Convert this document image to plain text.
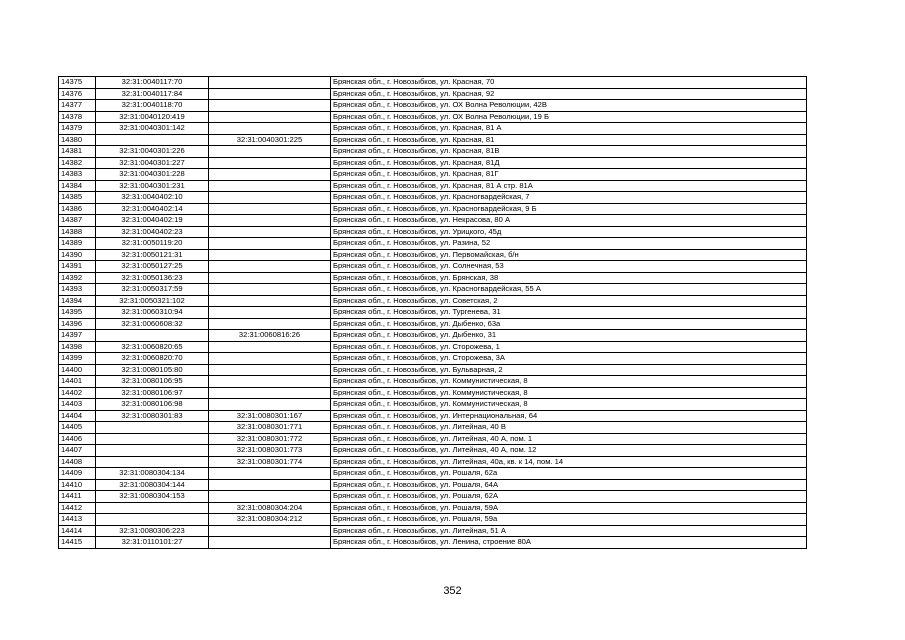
14375	32:31:0040117:70		Брянская обл., г. Новозыбков, ул. Красная, 70
14376	32:31:0040117:84		Брянская обл., г. Новозыбков, ул. Красная, 92
14377	32:31:0040118:70		Брянская обл., г. Новозыбков, ул. ОХ Волна Революции, 42В
14378	32:31:0040120:419		Брянская обл., г. Новозыбков, ул. ОХ Волна Революции, 19 Б
14379	32:31:0040301:142		Брянская обл., г. Новозыбков, ул. Красная, 81 А
14380		32:31:0040301:225	Брянская обл., г. Новозыбков, ул. Красная, 81
14381	32:31:0040301:226		Брянская обл., г. Новозыбков, ул. Красная, 81В
14382	32:31:0040301:227		Брянская обл., г. Новозыбков, ул. Красная, 81Д
14383	32:31:0040301:228		Брянская обл., г. Новозыбков, ул. Красная, 81Г
14384	32:31:0040301:231		Брянская обл., г. Новозыбков, ул. Красная, 81 А стр. 81А
14385	32:31:0040402:10		Брянская обл., г. Новозыбков, ул. Красногвардейская, 7
14386	32:31:0040402:14		Брянская обл., г. Новозыбков, ул. Красногвардейская, 9 Б
14387	32:31:0040402:19		Брянская обл., г. Новозыбков, ул. Некрасова, 80 А
14388	32:31:0040402:23		Брянская обл., г. Новозыбков, ул. Урицкого, 45д
14389	32:31:0050119:20		Брянская обл., г. Новозыбков, ул. Разина, 52
14390	32:31:0050121:31		Брянская обл., г. Новозыбков, ул. Первомайская, б/н
14391	32:31:0050127:25		Брянская обл., г. Новозыбков, ул. Солнечная, 53
14392	32:31:0050136:23		Брянская обл., г. Новозыбков, ул. Брянская, 38
14393	32:31:0050317:59		Брянская обл., г. Новозыбков, ул. Красногвардейская, 55 А
14394	32:31:0050321:102		Брянская обл., г. Новозыбков, ул. Советская, 2
14395	32:31:0060310:94		Брянская обл., г. Новозыбков, ул. Тургенева, 31
14396	32:31:0060608:32		Брянская обл., г. Новозыбков, ул. Дыбенко, 63а
14397		32:31:0060816:26	Брянская обл., г. Новозыбков, ул. Дыбенко, 31
14398	32:31:0060820:65		Брянская обл., г. Новозыбков, ул. Сторожева, 1
14399	32:31:0060820:70		Брянская обл., г. Новозыбков, ул. Сторожева, 3А
14400	32:31:0080105:80		Брянская обл., г. Новозыбков, ул. Бульварная, 2
14401	32:31:0080106:95		Брянская обл., г. Новозыбков, ул. Коммунистическая, 8
14402	32:31:0080106:97		Брянская обл., г. Новозыбков, ул. Коммунистическая, 8
14403	32:31:0080106:98		Брянская обл., г. Новозыбков, ул. Коммунистическая, 8
14404	32:31:0080301:83	32:31:0080301:167	Брянская обл., г. Новозыбков, ул. Интернациональная, 64
14405		32:31:0080301:771	Брянская обл., г. Новозыбков, ул. Литейная, 40 В
14406		32:31:0080301:772	Брянская обл., г. Новозыбков, ул. Литейная, 40 А, пом. 1
14407		32:31:0080301:773	Брянская обл., г. Новозыбков, ул. Литейная, 40 А, пом. 12
14408		32:31:0080301:774	Брянская обл., г. Новозыбков, ул. Литейная, 40а, кв. к 14, пом. 14
14409	32:31:0080304:134		Брянская обл., г. Новозыбков, ул. Рошаля, 62а
14410	32:31:0080304:144		Брянская обл., г. Новозыбков, ул. Рошаля, 64А
14411	32:31:0080304:153		Брянская обл., г. Новозыбков, ул. Рошаля, 62А
14412		32:31:0080304:204	Брянская обл., г. Новозыбков, ул. Рошаля, 59А
14413		32:31:0080304:212	Брянская обл., г. Новозыбков, ул. Рошаля, 59а
14414	32:31:0080306:223		Брянская обл., г. Новозыбков, ул. Литейная, 51 А
14415	32:31:0110101:27		Брянская обл., г. Новозыбков, ул. Ленина, строение 80А
352
